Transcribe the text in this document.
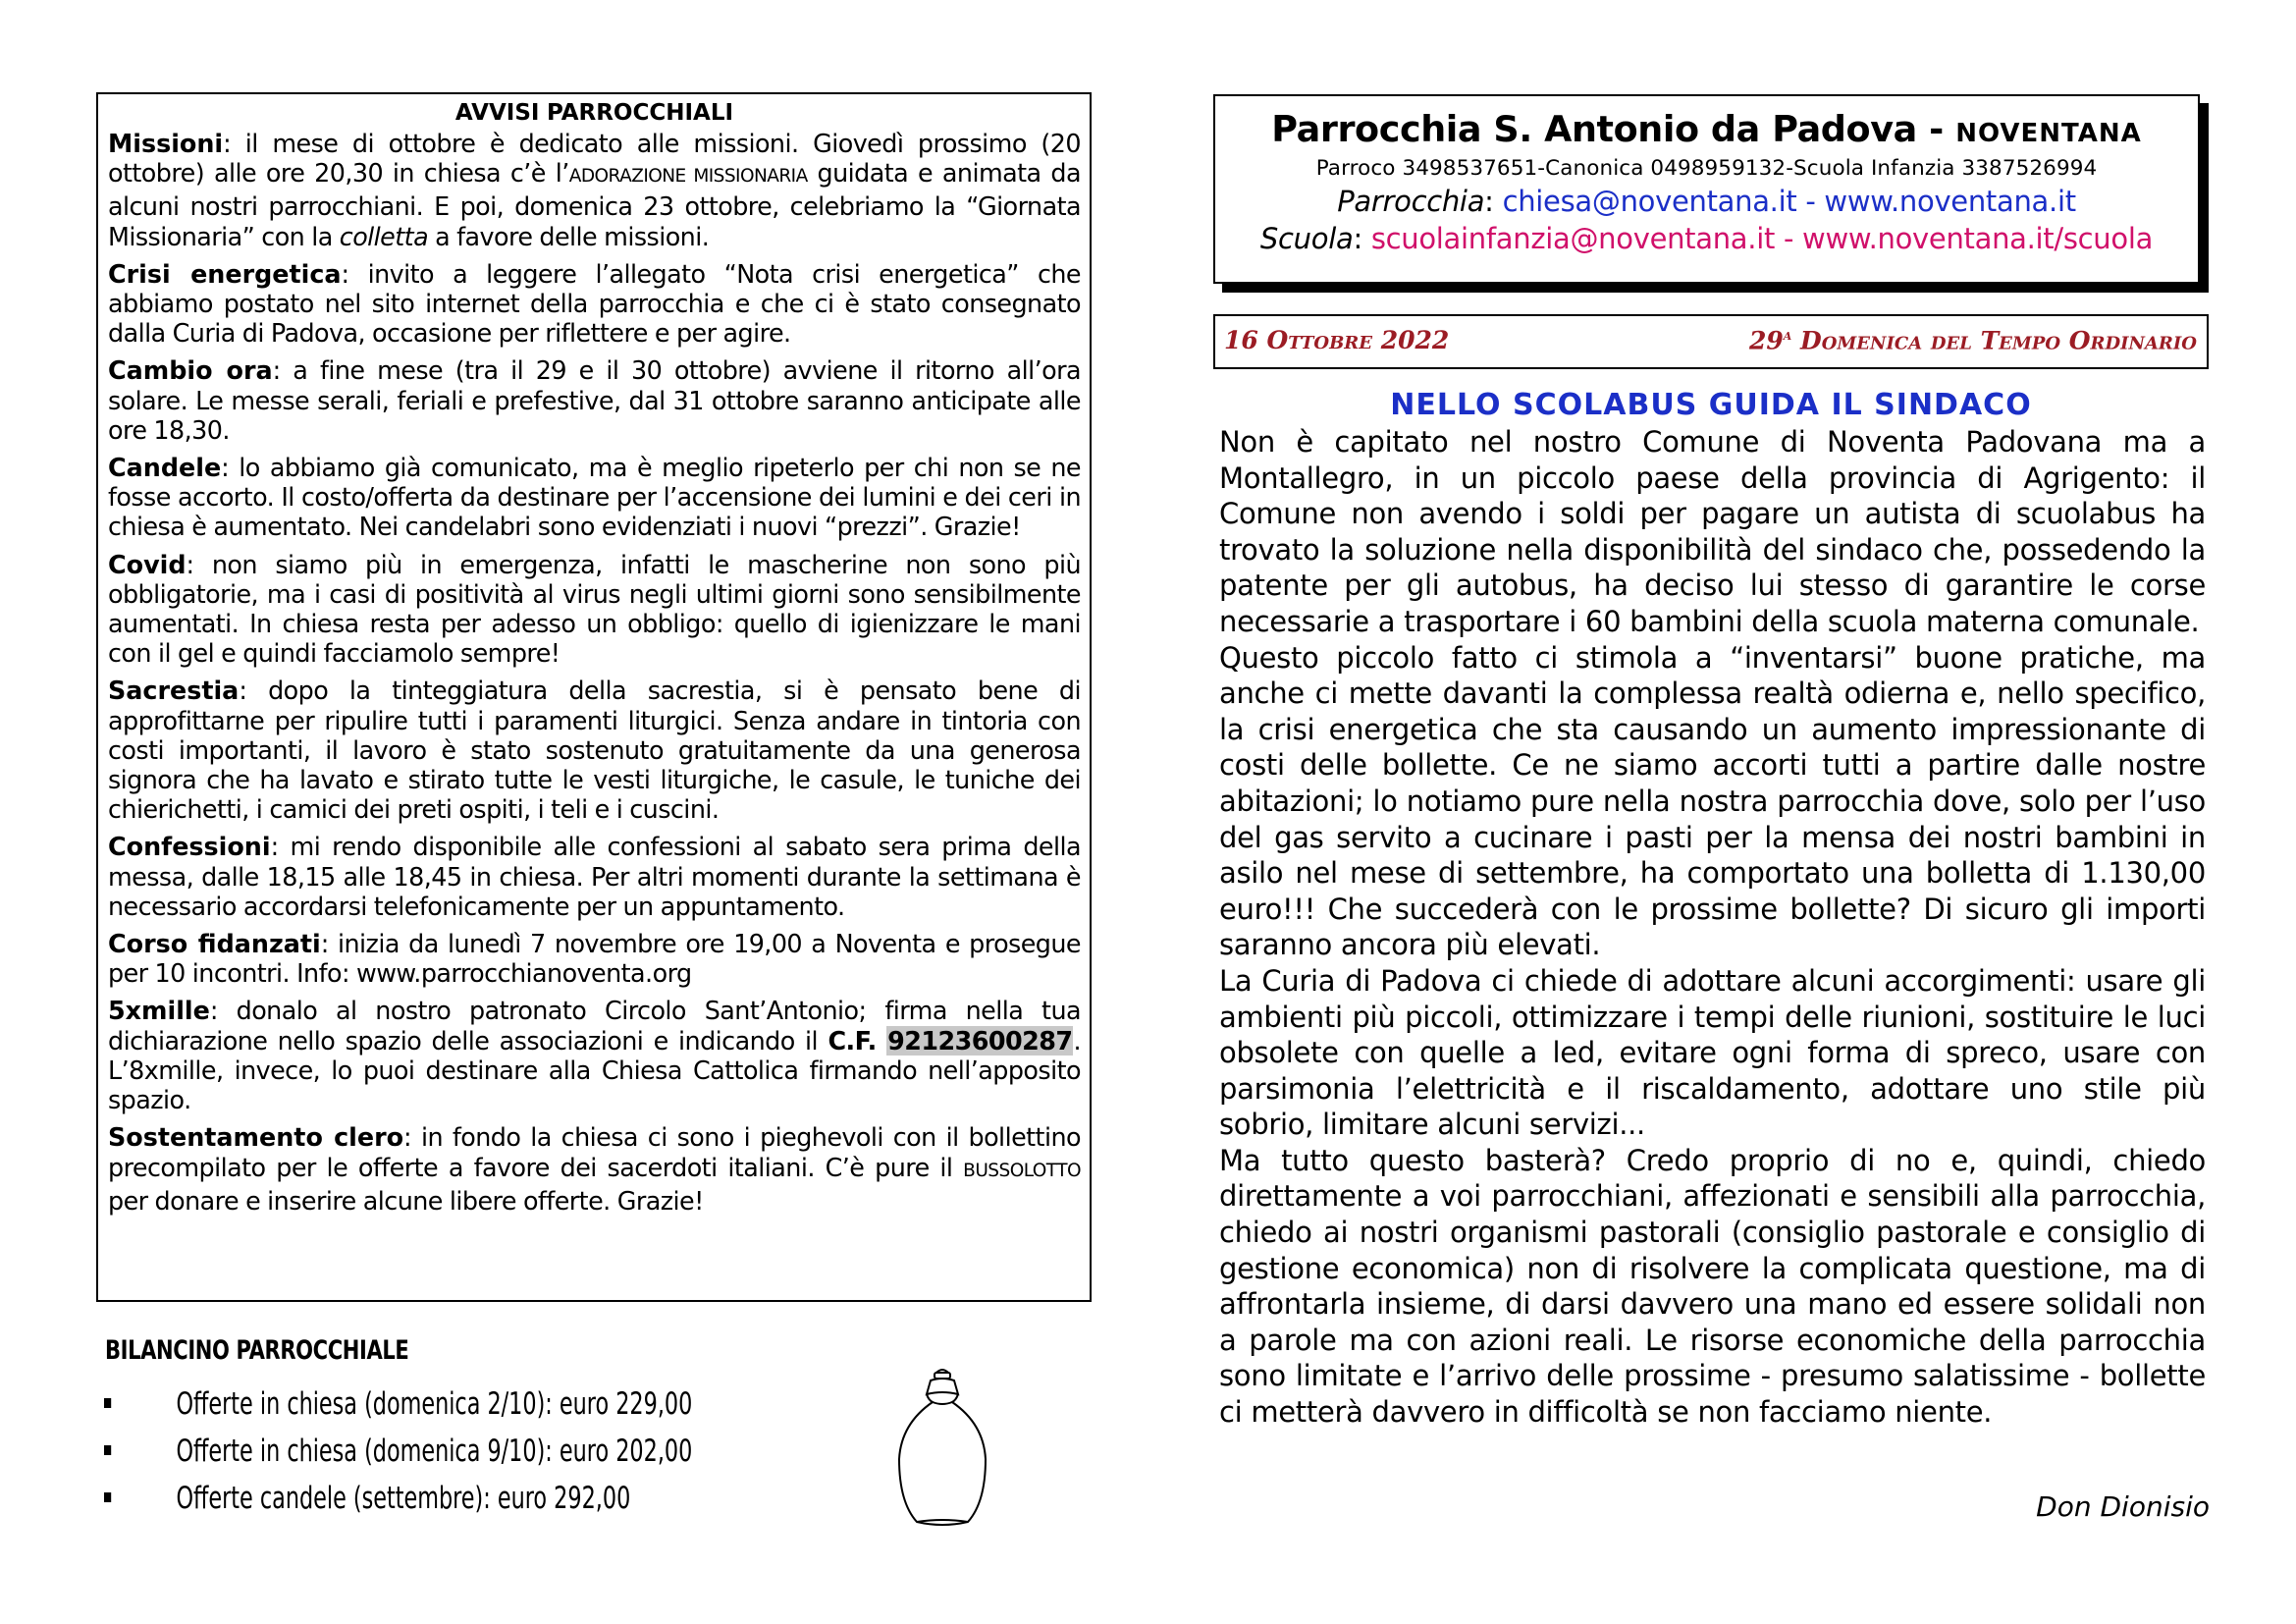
AVVISI PARROCCHIALI

Missioni: il mese di ottobre è dedicato alle missioni. Giovedì prossimo (20 ottobre) alle ore 20,30 in chiesa c’è l’ADORAZIONE MISSIONARIA guidata e animata da alcuni nostri parrocchiani. E poi, domenica 23 ottobre, celebriamo la “Giornata Missionaria” con la colletta a favore delle missioni.

Crisi energetica: invito a leggere l’allegato “Nota crisi energetica” che abbiamo postato nel sito internet della parrocchia e che ci è stato consegnato dalla Curia di Padova, occasione per riflettere e per agire.

Cambio ora: a fine mese (tra il 29 e il 30 ottobre) avviene il ritorno all’ora solare. Le messe serali, feriali e prefestive, dal 31 ottobre saranno anticipate alle ore 18,30.

Candele: lo abbiamo già comunicato, ma è meglio ripeterlo per chi non se ne fosse accorto. Il costo/offerta da destinare per l’accensione dei lumini e dei ceri in chiesa è aumentato. Nei candelabri sono evidenziati i nuovi “prezzi”. Grazie!

Covid: non siamo più in emergenza, infatti le mascherine non sono più obbligatorie, ma i casi di positività al virus negli ultimi giorni sono sensibilmente aumentati. In chiesa resta per adesso un obbligo: quello di igienizzare le mani con il gel e quindi facciamolo sempre!

Sacrestia: dopo la tinteggiatura della sacrestia, si è pensato bene di approfittarne per ripulire tutti i paramenti liturgici. Senza andare in tintoria con costi importanti, il lavoro è stato sostenuto gratuitamente da una generosa signora che ha lavato e stirato tutte le vesti liturgiche, le casule, le tuniche dei chierichetti, i camici dei preti ospiti, i teli e i cuscini.

Confessioni: mi rendo disponibile alle confessioni al sabato sera prima della messa, dalle 18,15 alle 18,45 in chiesa. Per altri momenti durante la settimana è necessario accordarsi telefonicamente per un appuntamento.

Corso fidanzati: inizia da lunedì 7 novembre ore 19,00 a Noventa e prosegue per 10 incontri. Info: www.parrocchianoventa.org

5xmille: donalo al nostro patronato Circolo Sant’Antonio; firma nella tua dichiarazione nello spazio delle associazioni e indicando il C.F. 92123600287. L’8xmille, invece, lo puoi destinare alla Chiesa Cattolica firmando nell’apposito spazio.

Sostentamento clero: in fondo la chiesa ci sono i pieghevoli con il bollettino precompilato per le offerte a favore dei sacerdoti italiani. C’è pure il BUSSOLOTTO per donare e inserire alcune libere offerte. Grazie!

BILANCINO PARROCCHIALE
Offerte in chiesa (domenica 2/10): euro 229,00
Offerte in chiesa (domenica 9/10): euro 202,00
Offerte candele (settembre): euro 292,00
Parrocchia S. Antonio da Padova - NOVENTANA
Parroco 3498537651-Canonica 0498959132-Scuola Infanzia 3387526994
Parrocchia: chiesa@noventana.it - www.noventana.it
Scuola: scuolainfanzia@noventana.it - www.noventana.it/scuola
16 Ottobre 2022	29$^a$ Domenica del Tempo Ordinario
NELLO SCOLABUS GUIDA IL SINDACO

Non è capitato nel nostro Comune di Noventa Padovana ma a Montallegro, in un piccolo paese della provincia di Agrigento: il Comune non avendo i soldi per pagare un autista di scuolabus ha trovato la soluzione nella disponibilità del sindaco che, possedendo la patente per gli autobus, ha deciso lui stesso di garantire le corse necessarie a trasportare i 60 bambini della scuola materna comunale.

Questo piccolo fatto ci stimola a “inventarsi” buone pratiche, ma anche ci mette davanti la complessa realtà odierna e, nello specifico, la crisi energetica che sta causando un aumento impressionante di costi delle bollette. Ce ne siamo accorti tutti a partire dalle nostre abitazioni; lo notiamo pure nella nostra parrocchia dove, solo per l’uso del gas servito a cucinare i pasti per la mensa dei nostri bambini in asilo nel mese di settembre, ha comportato una bolletta di 1.130,00 euro!!! Che succederà con le prossime bollette? Di sicuro gli importi saranno ancora più elevati.

La Curia di Padova ci chiede di adottare alcuni accorgimenti: usare gli ambienti più piccoli, ottimizzare i tempi delle riunioni, sostituire le luci obsolete con quelle a led, evitare ogni forma di spreco, usare con parsimonia l’elettricità e il riscaldamento, adottare uno stile più sobrio, limitare alcuni servizi...

Ma tutto questo basterà? Credo proprio di no e, quindi, chiedo direttamente a voi parrocchiani, affezionati e sensibili alla parrocchia, chiedo ai nostri organismi pastorali (consiglio pastorale e consiglio di gestione economica) non di risolvere la complicata questione, ma di affrontarla insieme, di darsi davvero una mano ed essere solidali non a parole ma con azioni reali. Le risorse economiche della parrocchia sono limitate e l’arrivo delle prossime - presumo salatissime - bollette ci metterà davvero in difficoltà se non facciamo niente.

Don Dionisio
